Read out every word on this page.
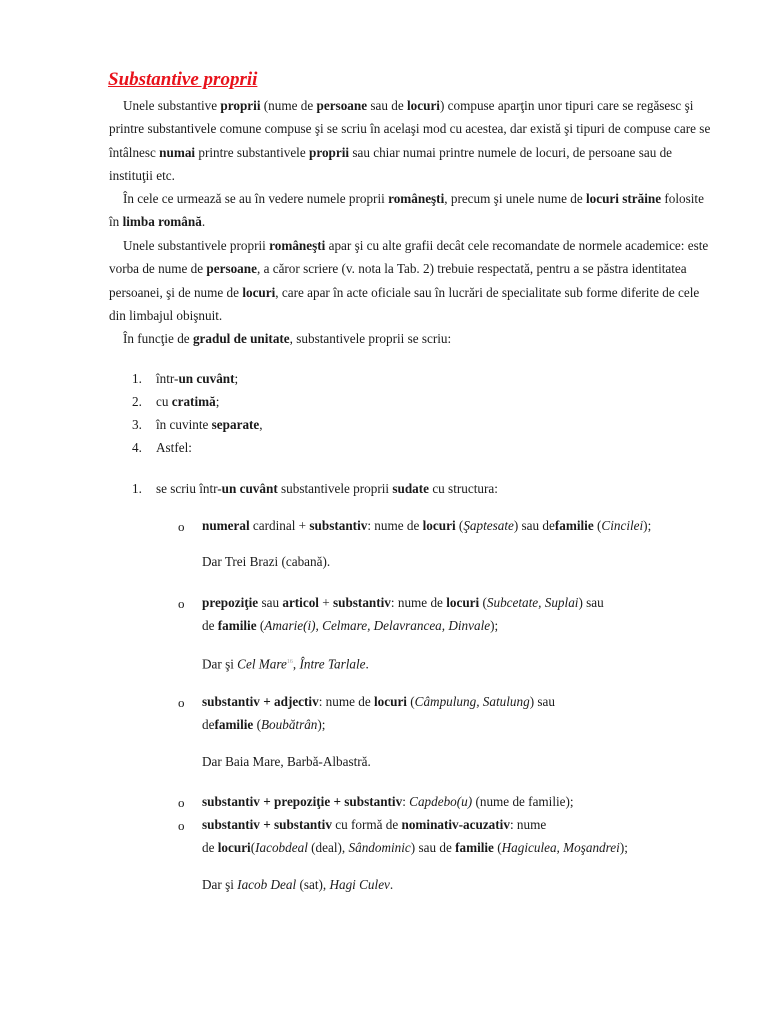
Substantive proprii

Unele substantive proprii (nume de persoane sau de locuri) compuse aparţin unor tipuri care se regăsesc şi printre substantivele comune compuse şi se scriu în acelaşi mod cu acestea, dar există şi tipuri de compuse care se întâlnesc numai printre substantivele proprii sau chiar numai printre numele de locuri, de persoane sau de instituţii etc.

În cele ce urmează se au în vedere numele proprii româneşti, precum şi unele nume de locuri străine folosite în limba română.

Unele substantivele proprii româneşti apar şi cu alte grafii decât cele recomandate de normele academice: este vorba de nume de persoane, a căror scriere (v. nota la Tab. 2) trebuie respectată, pentru a se păstra identitatea persoanei, şi de nume de locuri, care apar în acte oficiale sau în lucrări de specialitate sub forme diferite de cele din limbajul obişnuit.

În funcţie de gradul de unitate, substantivele proprii se scriu:

1.	într-un cuvânt;
2.	cu cratimă;
3.	în cuvinte separate,
4.	Astfel:
1.	se scriu într-un cuvânt substantivele proprii sudate cu structura:
o numeral cardinal + substantiv: nume de locuri (Şaptesate) sau defamilie (Cincilei);
Dar Trei Brazi (cabană).
o prepoziţie sau articol + substantiv: nume de locuri (Subcetate, Suplai) sau
de familie (Amarie(i), Celmare, Delavrancea, Dinvale);
Dar şi Cel Mare$^{16}$, Între Tarlale.
o substantiv + adjectiv: nume de locuri (Câmpulung, Satulung) sau
defamilie (Boubătrân);
Dar Baia Mare, Barbă-Albastră.
o substantiv + prepoziţie + substantiv: Capdebo(u) (nume de familie);
o substantiv + substantiv cu formă de nominativ-acuzativ: nume
de locuri(Iacobdeal (deal), Sândominic) sau de familie (Hagiculea, Moşandrei);
Dar şi Iacob Deal (sat), Hagi Culev.
